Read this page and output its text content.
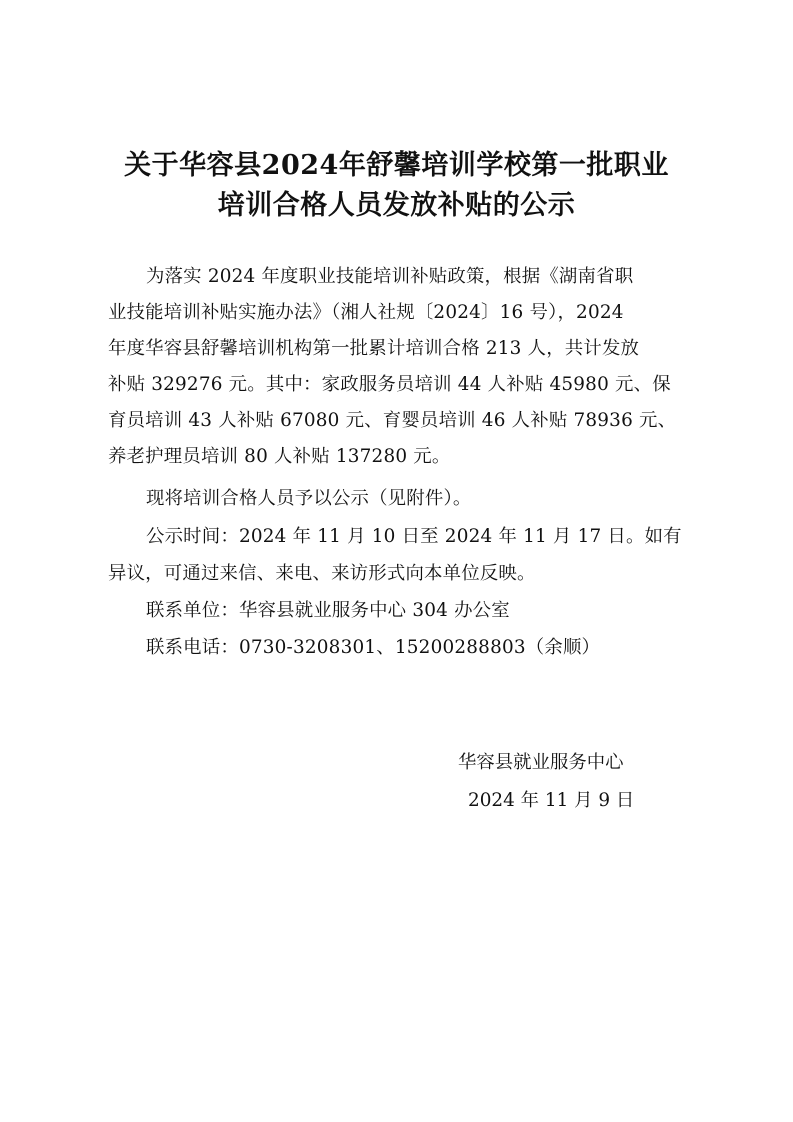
关于华容县2024年舒馨培训学校第一批职业
培训合格人员发放补贴的公示
为落实 2024 年度职业技能培训补贴政策，根据《湖南省职
业技能培训补贴实施办法》（湘人社规〔2024〕16 号），2024
年度华容县舒馨培训机构第一批累计培训合格 213 人，共计发放
补贴 329276 元。其中：家政服务员培训 44 人补贴 45980 元、保
育员培训 43 人补贴 67080 元、育婴员培训 46 人补贴 78936 元、
养老护理员培训 80 人补贴 137280 元。
现将培训合格人员予以公示（见附件）。
公示时间：2024 年 11 月 10 日至 2024 年 11 月 17 日。如有
异议，可通过来信、来电、来访形式向本单位反映。
联系单位：华容县就业服务中心 304 办公室
联系电话：0730-3208301、15200288803（余顺）
华容县就业服务中心
2024 年 11 月 9 日
